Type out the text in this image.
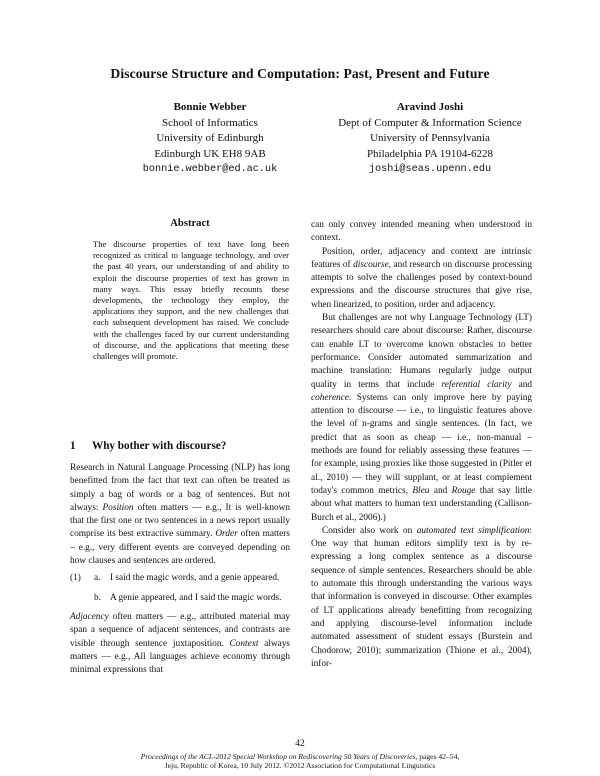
Discourse Structure and Computation: Past, Present and Future
Bonnie Webber
School of Informatics
University of Edinburgh
Edinburgh UK EH8 9AB
bonnie.webber@ed.ac.uk
Aravind Joshi
Dept of Computer & Information Science
University of Pennsylvania
Philadelphia PA 19104-6228
joshi@seas.upenn.edu
Abstract
The discourse properties of text have long been recognized as critical to language technology, and over the past 40 years, our understanding of and ability to exploit the discourse properties of text has grown in many ways. This essay briefly recounts these developments, the technology they employ, the applications they support, and the new challenges that each subsequent development has raised. We conclude with the challenges faced by our current understanding of discourse, and the applications that meeting these challenges will promote.
1 Why bother with discourse?

Research in Natural Language Processing (NLP) has long benefitted from the fact that text can often be treated as simply a bag of words or a bag of sentences. But not always: Position often matters — e.g., It is well-known that the first one or two sentences in a news report usually comprise its best extractive summary. Order often matters – e.g., very different events are conveyed depending on how clauses and sentences are ordered.

(1)	a.	I said the magic words, and a genie appeared.
b. A genie appeared, and I said the magic words.

Adjacency often matters — e.g., attributed material may span a sequence of adjacent sentences, and contrasts are visible through sentence juxtaposition. Context always matters — e.g., All languages achieve economy through minimal expressions that

can only convey intended meaning when understood in context.

Position, order, adjacency and context are intrinsic features of discourse, and research on discourse processing attempts to solve the challenges posed by context-bound expressions and the discourse structures that give rise, when linearized, to position, order and adjacency.

But challenges are not why Language Technology (LT) researchers should care about discourse: Rather, discourse can enable LT to overcome known obstacles to better performance. Consider automated summarization and machine translation: Humans regularly judge output quality in terms that include referential clarity and coherence. Systems can only improve here by paying attention to discourse — i.e., to linguistic features above the level of n-grams and single sentences. (In fact, we predict that as soon as cheap — i.e., non-manual – methods are found for reliably assessing these features — for example, using proxies like those suggested in (Pitler et al., 2010) — they will supplant, or at least complement today's common metrics, Bleu and Rouge that say little about what matters to human text understanding (Callison-Burch et al., 2006).)

Consider also work on automated text simplification: One way that human editors simplify text is by re-expressing a long complex sentence as a discourse sequence of simple sentences. Researchers should be able to automate this through understanding the various ways that information is conveyed in discourse. Other examples of LT applications already benefitting from recognizing and applying discourse-level information include automated assessment of student essays (Burstein and Chodorow, 2010); summarization (Thione et al., 2004), infor-

42
Proceedings of the ACL-2012 Special Workshop on Rediscovering 50 Years of Discoveries, pages 42–54,
Jeju, Republic of Korea, 10 July 2012. ©2012 Association for Computational Linguistics
